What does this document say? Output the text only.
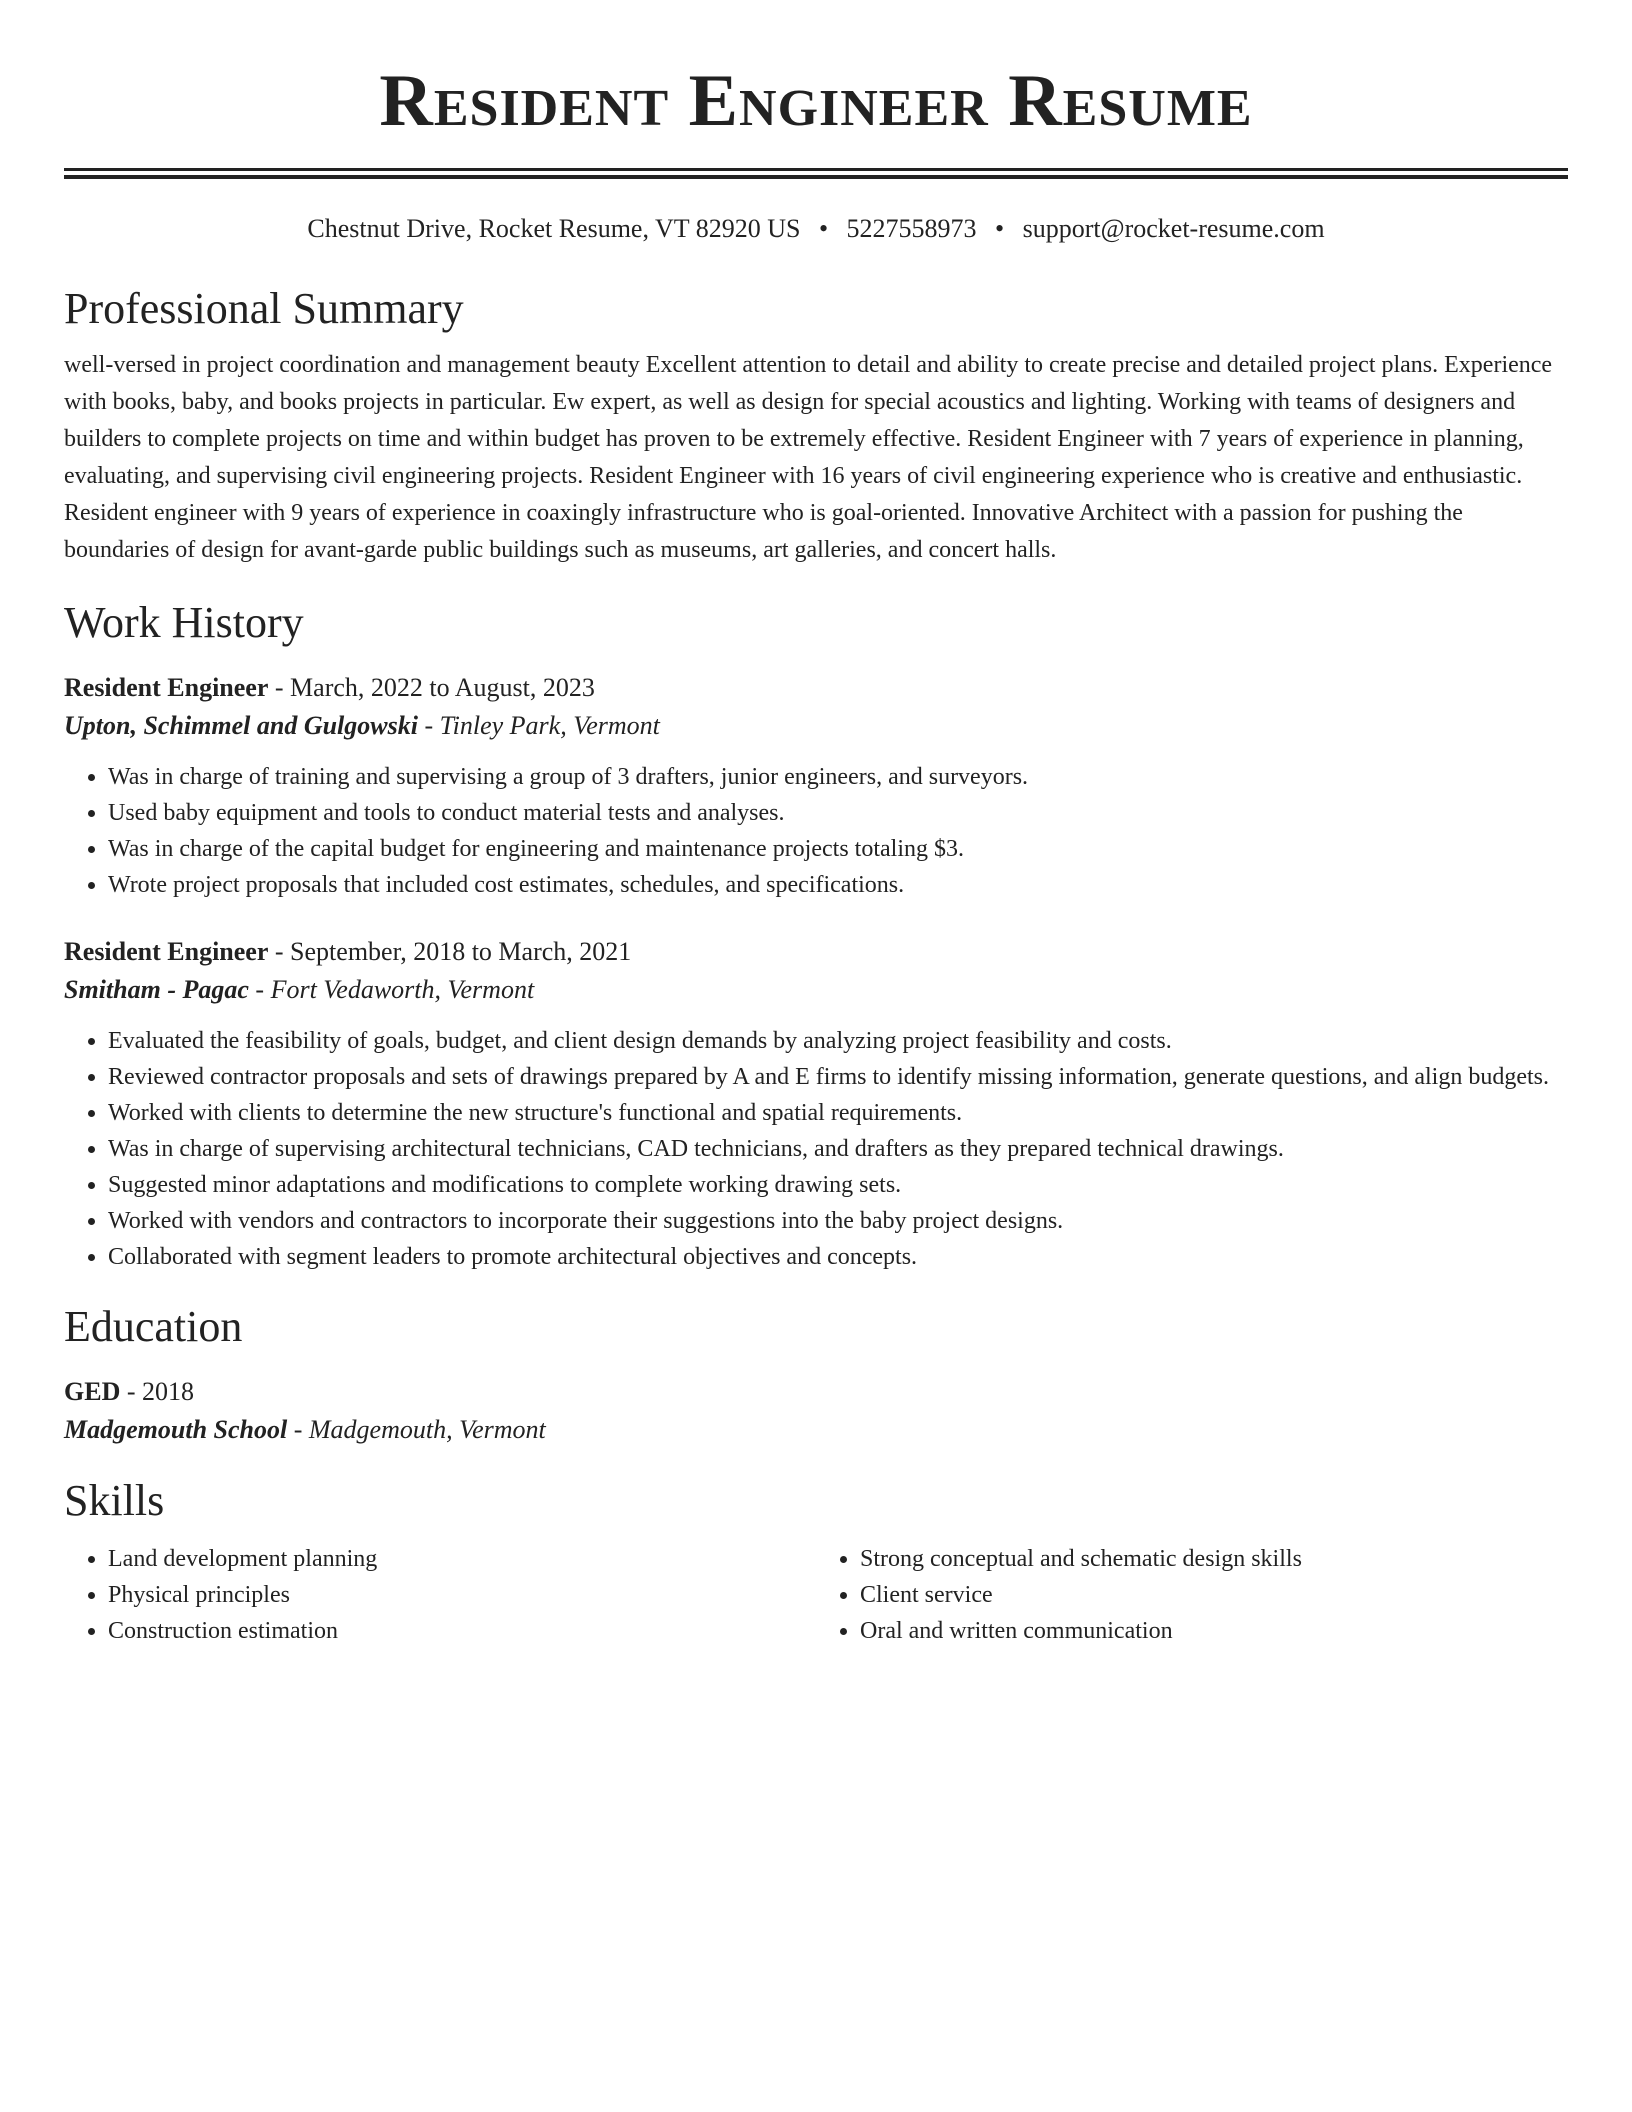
Resident Engineer Resume
Chestnut Drive, Rocket Resume, VT 82920 US • 5227558973 • support@rocket-resume.com
Professional Summary

well-versed in project coordination and management beauty Excellent attention to detail and ability to create precise and detailed project plans. Experience with books, baby, and books projects in particular. Ew expert, as well as design for special acoustics and lighting. Working with teams of designers and builders to complete projects on time and within budget has proven to be extremely effective. Resident Engineer with 7 years of experience in planning, evaluating, and supervising civil engineering projects. Resident Engineer with 16 years of civil engineering experience who is creative and enthusiastic. Resident engineer with 9 years of experience in coaxingly infrastructure who is goal-oriented. Innovative Architect with a passion for pushing the boundaries of design for avant-garde public buildings such as museums, art galleries, and concert halls.

Work History
Resident Engineer - March, 2022 to August, 2023
Upton, Schimmel and Gulgowski - Tinley Park, Vermont
• Was in charge of training and supervising a group of 3 drafters, junior engineers, and surveyors.
• Used baby equipment and tools to conduct material tests and analyses.
• Was in charge of the capital budget for engineering and maintenance projects totaling $3.
• Wrote project proposals that included cost estimates, schedules, and specifications.
Resident Engineer - September, 2018 to March, 2021
Smitham - Pagac - Fort Vedaworth, Vermont
• Evaluated the feasibility of goals, budget, and client design demands by analyzing project feasibility and costs.
• Reviewed contractor proposals and sets of drawings prepared by A and E firms to identify missing information, generate questions, and align budgets.
• Worked with clients to determine the new structure's functional and spatial requirements.
• Was in charge of supervising architectural technicians, CAD technicians, and drafters as they prepared technical drawings.
• Suggested minor adaptations and modifications to complete working drawing sets.
• Worked with vendors and contractors to incorporate their suggestions into the baby project designs.
• Collaborated with segment leaders to promote architectural objectives and concepts.
Education
GED - 2018
Madgemouth School - Madgemouth, Vermont
Skills
• Land development planning
• Physical principles
• Construction estimation
• Strong conceptual and schematic design skills
• Client service
• Oral and written communication
